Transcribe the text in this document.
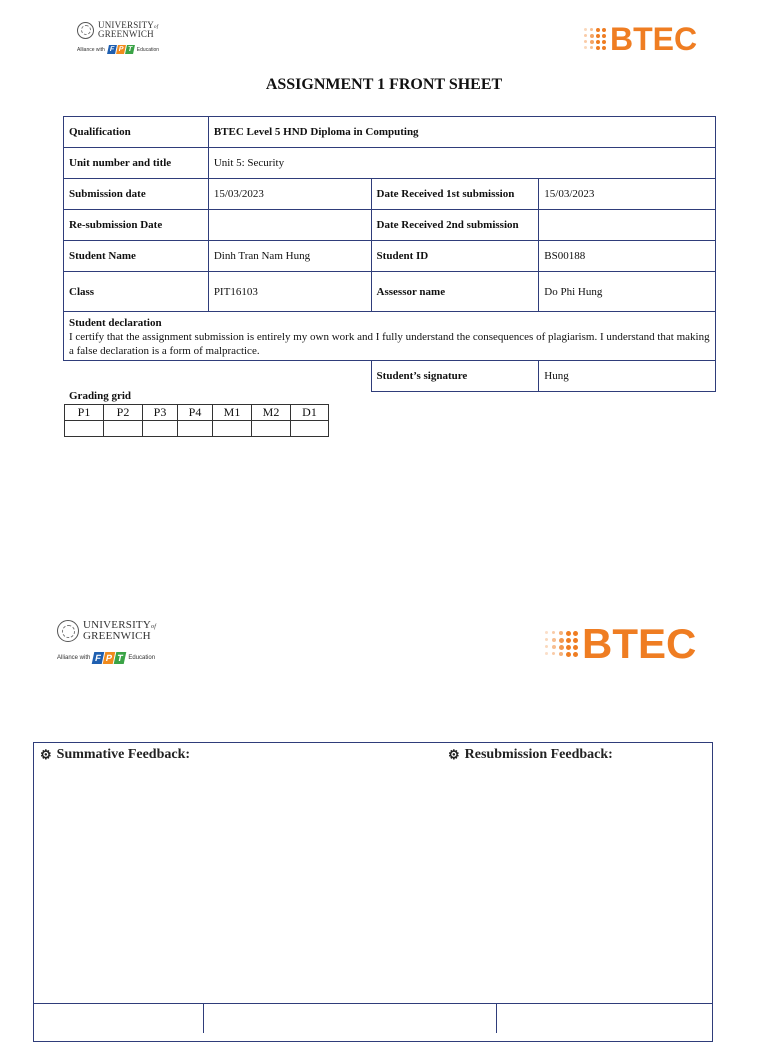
UNIVERSITYof
GREENWICH
Alliance with F P T Education	BTEC
ASSIGNMENT 1 FRONT SHEET
Qualification	BTEC Level 5 HND Diploma in Computing		
Unit number and title	Unit 5: Security		
Submission date	15/03/2023	Date Received 1st submission	15/03/2023
Re-submission Date		Date Received 2nd submission	
Student Name	Dinh Tran Nam Hung	Student ID	BS00188
Class	PIT16103	Assessor name	Do Phi Hung

Student declaration
I certify that the assignment submission is entirely my own work and I fully understand the consequences of plagiarism. I understand that making a false declaration is a form of malpractice.			

		Student’s signature	Hung
Grading grid
P1	P2	P3	P4	M1	M2	D1

UNIVERSITYof
GREENWICH
Alliance with F P T Education	BTEC
⚙ Summative Feedback:	⚙ Resubmission Feedback:
